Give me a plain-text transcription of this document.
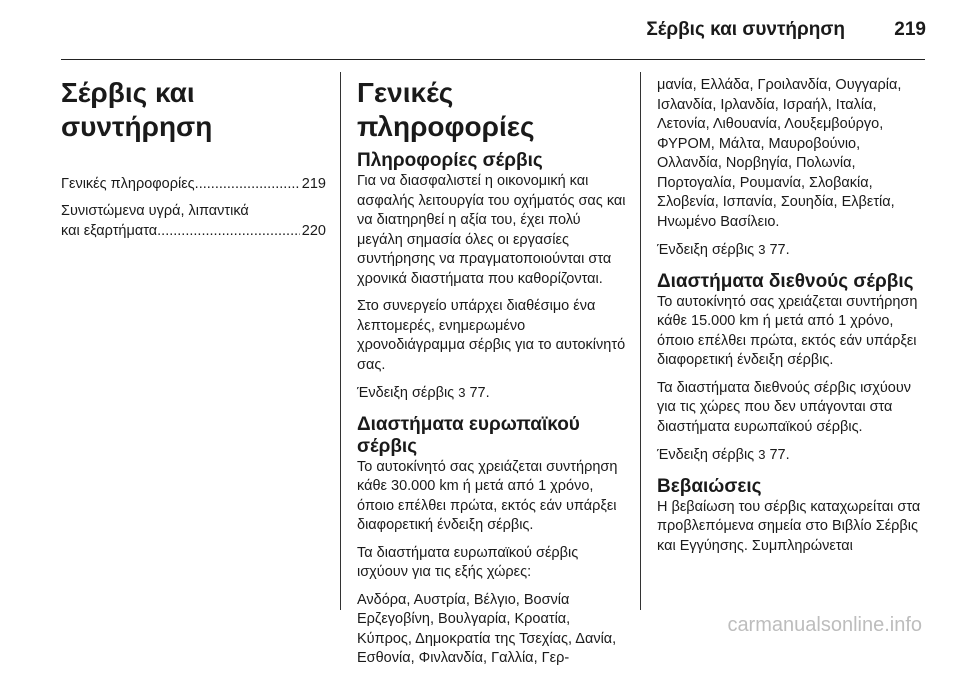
Σέρβις και συντήρηση	219
Σέρβις και συντήρηση
Γενικές πληροφορίες .....	219
Συνιστώμενα υγρά, λιπαντικά
και εξαρτήματα .....	220
Γενικές πληροφορίες
Πληροφορίες σέρβις

Για να διασφαλιστεί η οικονομική και ασφαλής λειτουργία του οχήματός σας και να διατηρηθεί η αξία του, έχει πολύ μεγάλη σημασία όλες οι εργασίες συντήρησης να πραγματοποιούνται στα χρονικά διαστήματα που καθορίζονται.

Στο συνεργείο υπάρχει διαθέσιμο ένα λεπτομερές, ενημερωμένο χρονοδιάγραμμα σέρβις για το αυτοκίνητό σας.

Ένδειξη σέρβις 3 77.

Διαστήματα ευρωπαϊκού σέρβις

Το αυτοκίνητό σας χρειάζεται συντήρηση κάθε 30.000 km ή μετά από 1 χρόνο, όποιο επέλθει πρώτα, εκτός εάν υπάρξει διαφορετική ένδειξη σέρβις.

Τα διαστήματα ευρωπαϊκού σέρβις ισχύουν για τις εξής χώρες:

Ανδόρα, Αυστρία, Βέλγιο, Βοσνία Ερζεγοβίνη, Βουλγαρία, Κροατία, Κύπρος, Δημοκρατία της Τσεχίας, Δανία, Εσθονία, Φινλανδία, Γαλλία, Γερ-

μανία, Ελλάδα, Γροιλανδία, Ουγγαρία, Ισλανδία, Ιρλανδία, Ισραήλ, Ιταλία, Λετονία, Λιθουανία, Λουξεμβούργο, ΦΥΡΟΜ, Μάλτα, Μαυροβούνιο, Ολλανδία, Νορβηγία, Πολωνία, Πορτογαλία, Ρουμανία, Σλοβακία, Σλοβενία, Ισπανία, Σουηδία, Ελβετία, Ηνωμένο Βασίλειο.

Ένδειξη σέρβις 3 77.

Διαστήματα διεθνούς σέρβις

Το αυτοκίνητό σας χρειάζεται συντήρηση κάθε 15.000 km ή μετά από 1 χρόνο, όποιο επέλθει πρώτα, εκτός εάν υπάρξει διαφορετική ένδειξη σέρβις.

Τα διαστήματα διεθνούς σέρβις ισχύουν για τις χώρες που δεν υπάγονται στα διαστήματα ευρωπαϊκού σέρβις.

Ένδειξη σέρβις 3 77.

Βεβαιώσεις

Η βεβαίωση του σέρβις καταχωρείται στα προβλεπόμενα σημεία στο Βιβλίο Σέρβις και Εγγύησης. Συμπληρώνεται

carmanualsonline.info
